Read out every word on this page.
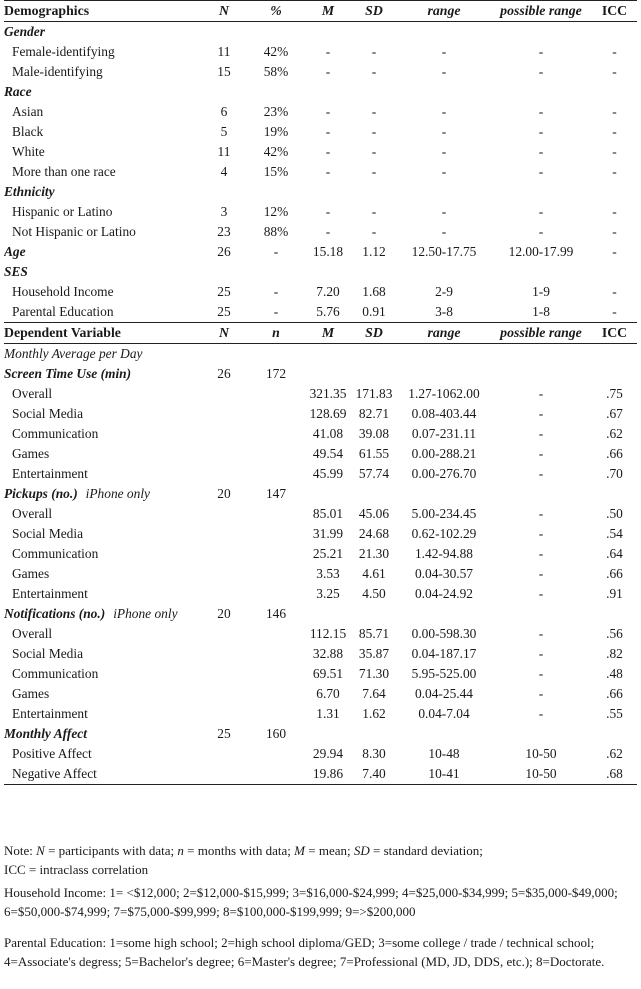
Demographics	N	%	M	SD	range	possible range	ICC
Gender							
Female-identifying	11	42%	-	-	-	-	-
Male-identifying	15	58%	-	-	-	-	-
Race							
Asian	6	23%	-	-	-	-	-
Black	5	19%	-	-	-	-	-
White	11	42%	-	-	-	-	-
More than one race	4	15%	-	-	-	-	-
Ethnicity							
Hispanic or Latino	3	12%	-	-	-	-	-
Not Hispanic or Latino	23	88%	-	-	-	-	-
Age	26	-	15.18	1.12	12.50-17.75	12.00-17.99	-
SES							
Household Income	25	-	7.20	1.68	2-9	1-9	-
Parental Education	25	-	5.76	0.91	3-8	1-8	-
Dependent Variable	N	n	M	SD	range	possible range	ICC
Monthly Average per Day							
Screen Time Use (min)	26	172					
Overall			321.35	171.83	1.27-1062.00	-	.75
Social Media			128.69	82.71	0.08-403.44	-	.67
Communication			41.08	39.08	0.07-231.11	-	.62
Games			49.54	61.55	0.00-288.21	-	.66
Entertainment			45.99	57.74	0.00-276.70	-	.70
Pickups (no.) iPhone only	20	147					
Overall			85.01	45.06	5.00-234.45	-	.50
Social Media			31.99	24.68	0.62-102.29	-	.54
Communication			25.21	21.30	1.42-94.88	-	.64
Games			3.53	4.61	0.04-30.57	-	.66
Entertainment			3.25	4.50	0.04-24.92	-	.91
Notifications (no.) iPhone only	20	146					
Overall			112.15	85.71	0.00-598.30	-	.56
Social Media			32.88	35.87	0.04-187.17	-	.82
Communication			69.51	71.30	5.95-525.00	-	.48
Games			6.70	7.64	0.04-25.44	-	.66
Entertainment			1.31	1.62	0.04-7.04	-	.55
Monthly Affect	25	160					
Positive Affect			29.94	8.30	10-48	10-50	.62
Negative Affect			19.86	7.40	10-41	10-50	.68
Note: N = participants with data; n = months with data; M = mean; SD = standard deviation;
ICC = intraclass correlation
Household Income: 1= <$12,000; 2=$12,000-$15,999; 3=$16,000-$24,999; 4=$25,000-$34,999; 5=$35,000-$49,000; 6=$50,000-$74,999; 7=$75,000-$99,999; 8=$100,000-$199,999; 9=>$200,000
Parental Education: 1=some high school; 2=high school diploma/GED; 3=some college / trade / technical school; 4=Associate's degress; 5=Bachelor's degree; 6=Master's degree; 7=Professional (MD, JD, DDS, etc.); 8=Doctorate.
